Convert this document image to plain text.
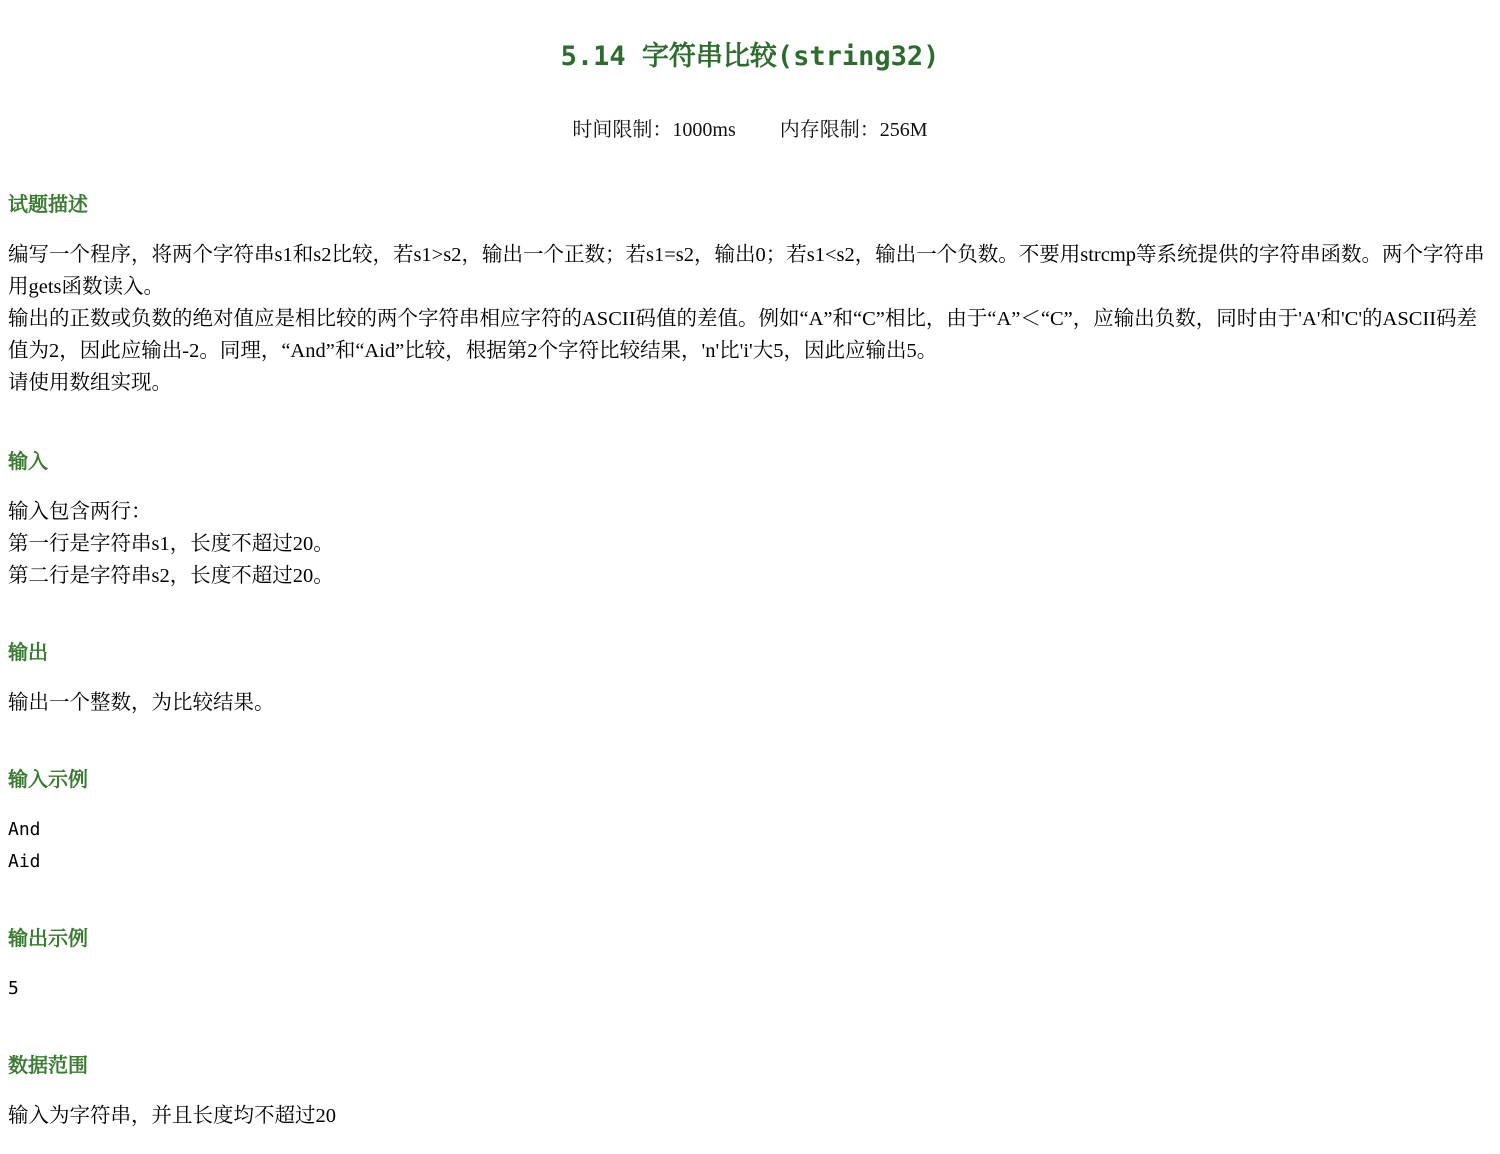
5.14 字符串比较(string32)
时间限制：1000ms 内存限制：256M
试题描述

编写一个程序，将两个字符串s1和s2比较，若s1>s2，输出一个正数；若s1=s2，输出0；若s1<s2，输出一个负数。不要用strcmp等系统提供的字符串函数。两个字符串用gets函数读入。

输出的正数或负数的绝对值应是相比较的两个字符串相应字符的ASCII码值的差值。例如“A”和“C”相比，由于“A”＜“C”，应输出负数，同时由于'A'和'C'的ASCII码差值为2，因此应输出-2。同理，“And”和“Aid”比较，根据第2个字符比较结果，'n'比'i'大5，因此应输出5。

请使用数组实现。

输入

输入包含两行：

第一行是字符串s1，长度不超过20。

第二行是字符串s2，长度不超过20。

输出

输出一个整数，为比较结果。

输入示例

And

Aid

输出示例

5

数据范围

输入为字符串，并且长度均不超过20
